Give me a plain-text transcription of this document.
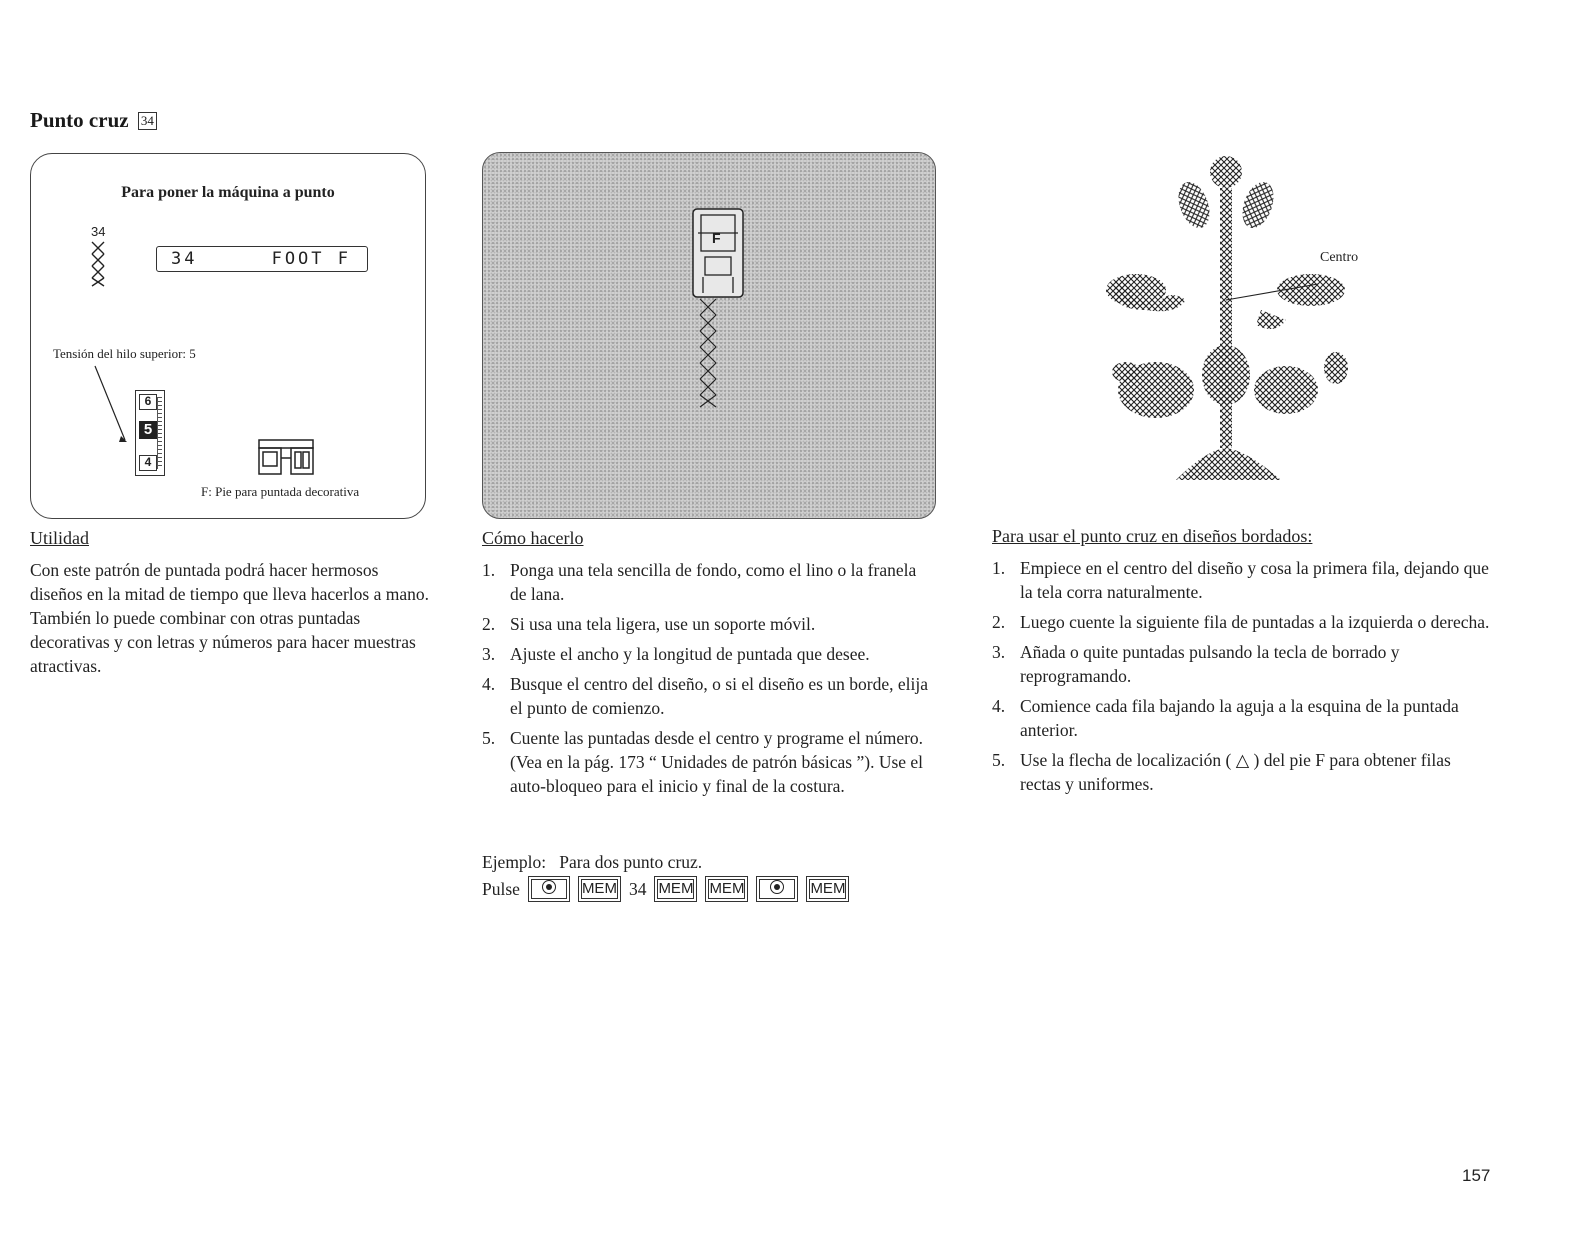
Punto cruz 34
Para poner la máquina a punto
34
34	FOOT F
Tensión del hilo superior: 5
6
5
4
F: Pie para puntada decorativa
F
Centro
Utilidad
Con este patrón de puntada podrá hacer hermosos diseños en la mitad de tiempo que lleva hacerlos a mano. También lo puede combinar con otras puntadas decorativas y con letras y números para hacer muestras atractivas.
Cómo hacerlo
1. Ponga una tela sencilla de fondo, como el lino o la franela de lana.
2. Si usa una tela ligera, use un soporte móvil.
3. Ajuste el ancho y la longitud de puntada que desee.
4. Busque el centro del diseño, o si el diseño es un borde, elija el punto de comienzo.
5. Cuente las puntadas desde el centro y programe el número.
(Vea en la pág. 173 “ Unidades de patrón básicas ”). Use el auto-bloqueo para el inicio y final de la costura.
Ejemplo:   Para dos punto cruz.
Pulse	MEM 34 MEM MEM	MEM
Para usar el punto cruz en diseños bordados:
1. Empiece en el centro del diseño y cosa la primera fila, dejando que la tela corra naturalmente.
2. Luego cuente la siguiente fila de puntadas a la izquierda o derecha.
3. Añada o quite puntadas pulsando la tecla de borrado y reprogramando.
4. Comience cada fila bajando la aguja a la esquina de la puntada anterior.
5. Use la flecha de localización ( △ ) del pie F para obtener filas rectas y uniformes.
157
